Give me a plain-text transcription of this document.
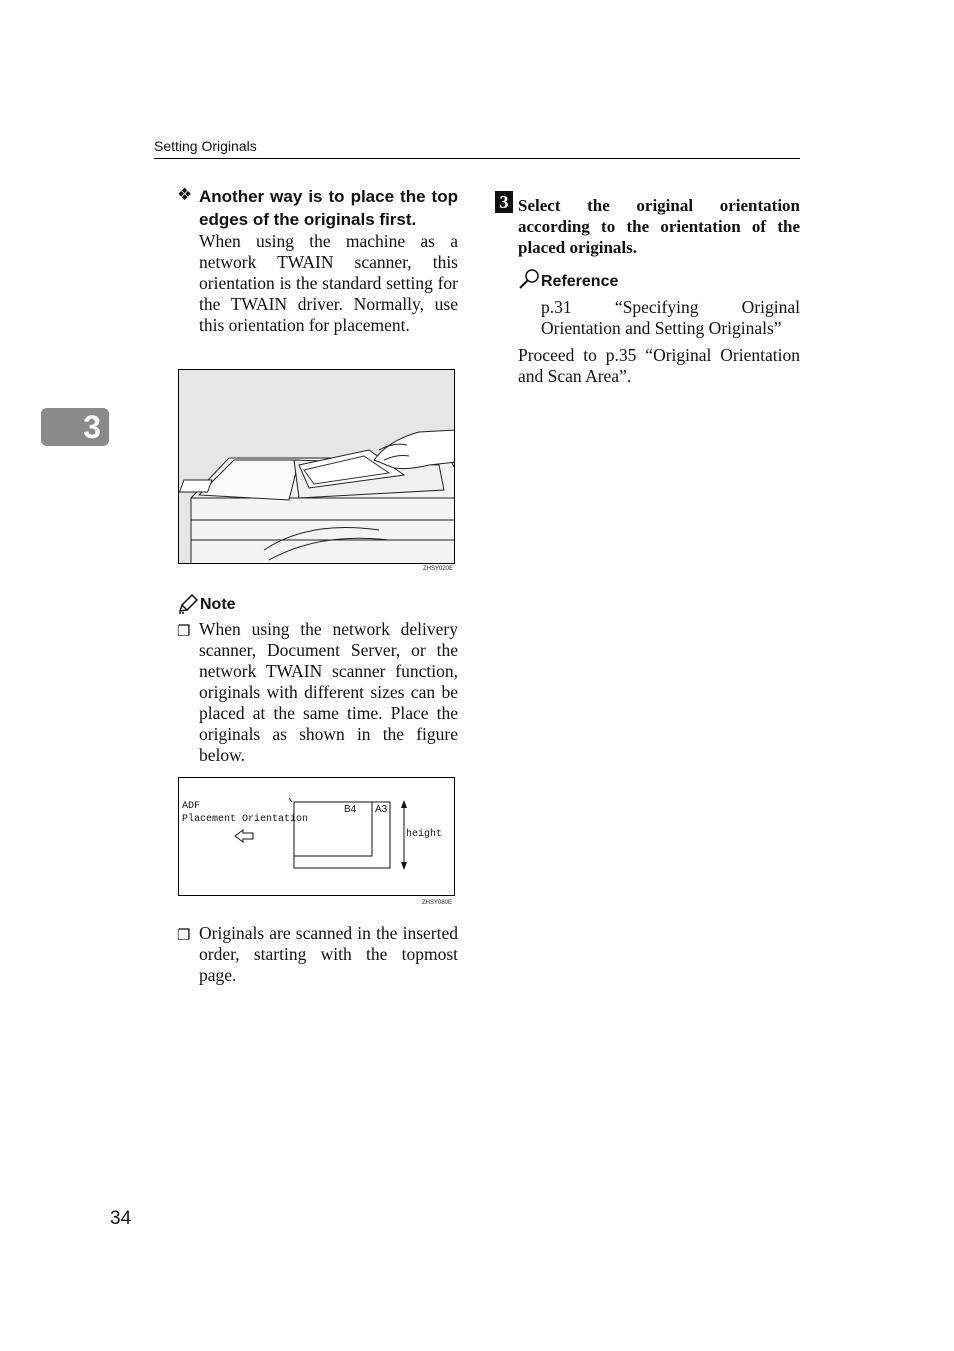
Setting Originals
3
❖ Another way is to place the top edges of the originals first.
When using the machine as a network TWAIN scanner, this orientation is the standard setting for the TWAIN driver. Normally, use this orientation for placement.
ZHSY020E
Note
❐ When using the network delivery scanner, Document Server, or the network TWAIN scanner function, originals with different sizes can be placed at the same time. Place the originals as shown in the figure below.
ADF
Placement Orientation
B4 A3
height
ZHSY080E
❐ Originals are scanned in the inserted order, starting with the topmost page.
3 Select the original orientation according to the orientation of the placed originals.
Reference
p.31 “Specifying Original Orientation and Setting Originals”
Proceed to p.35 “Original Orientation and Scan Area”.
34
